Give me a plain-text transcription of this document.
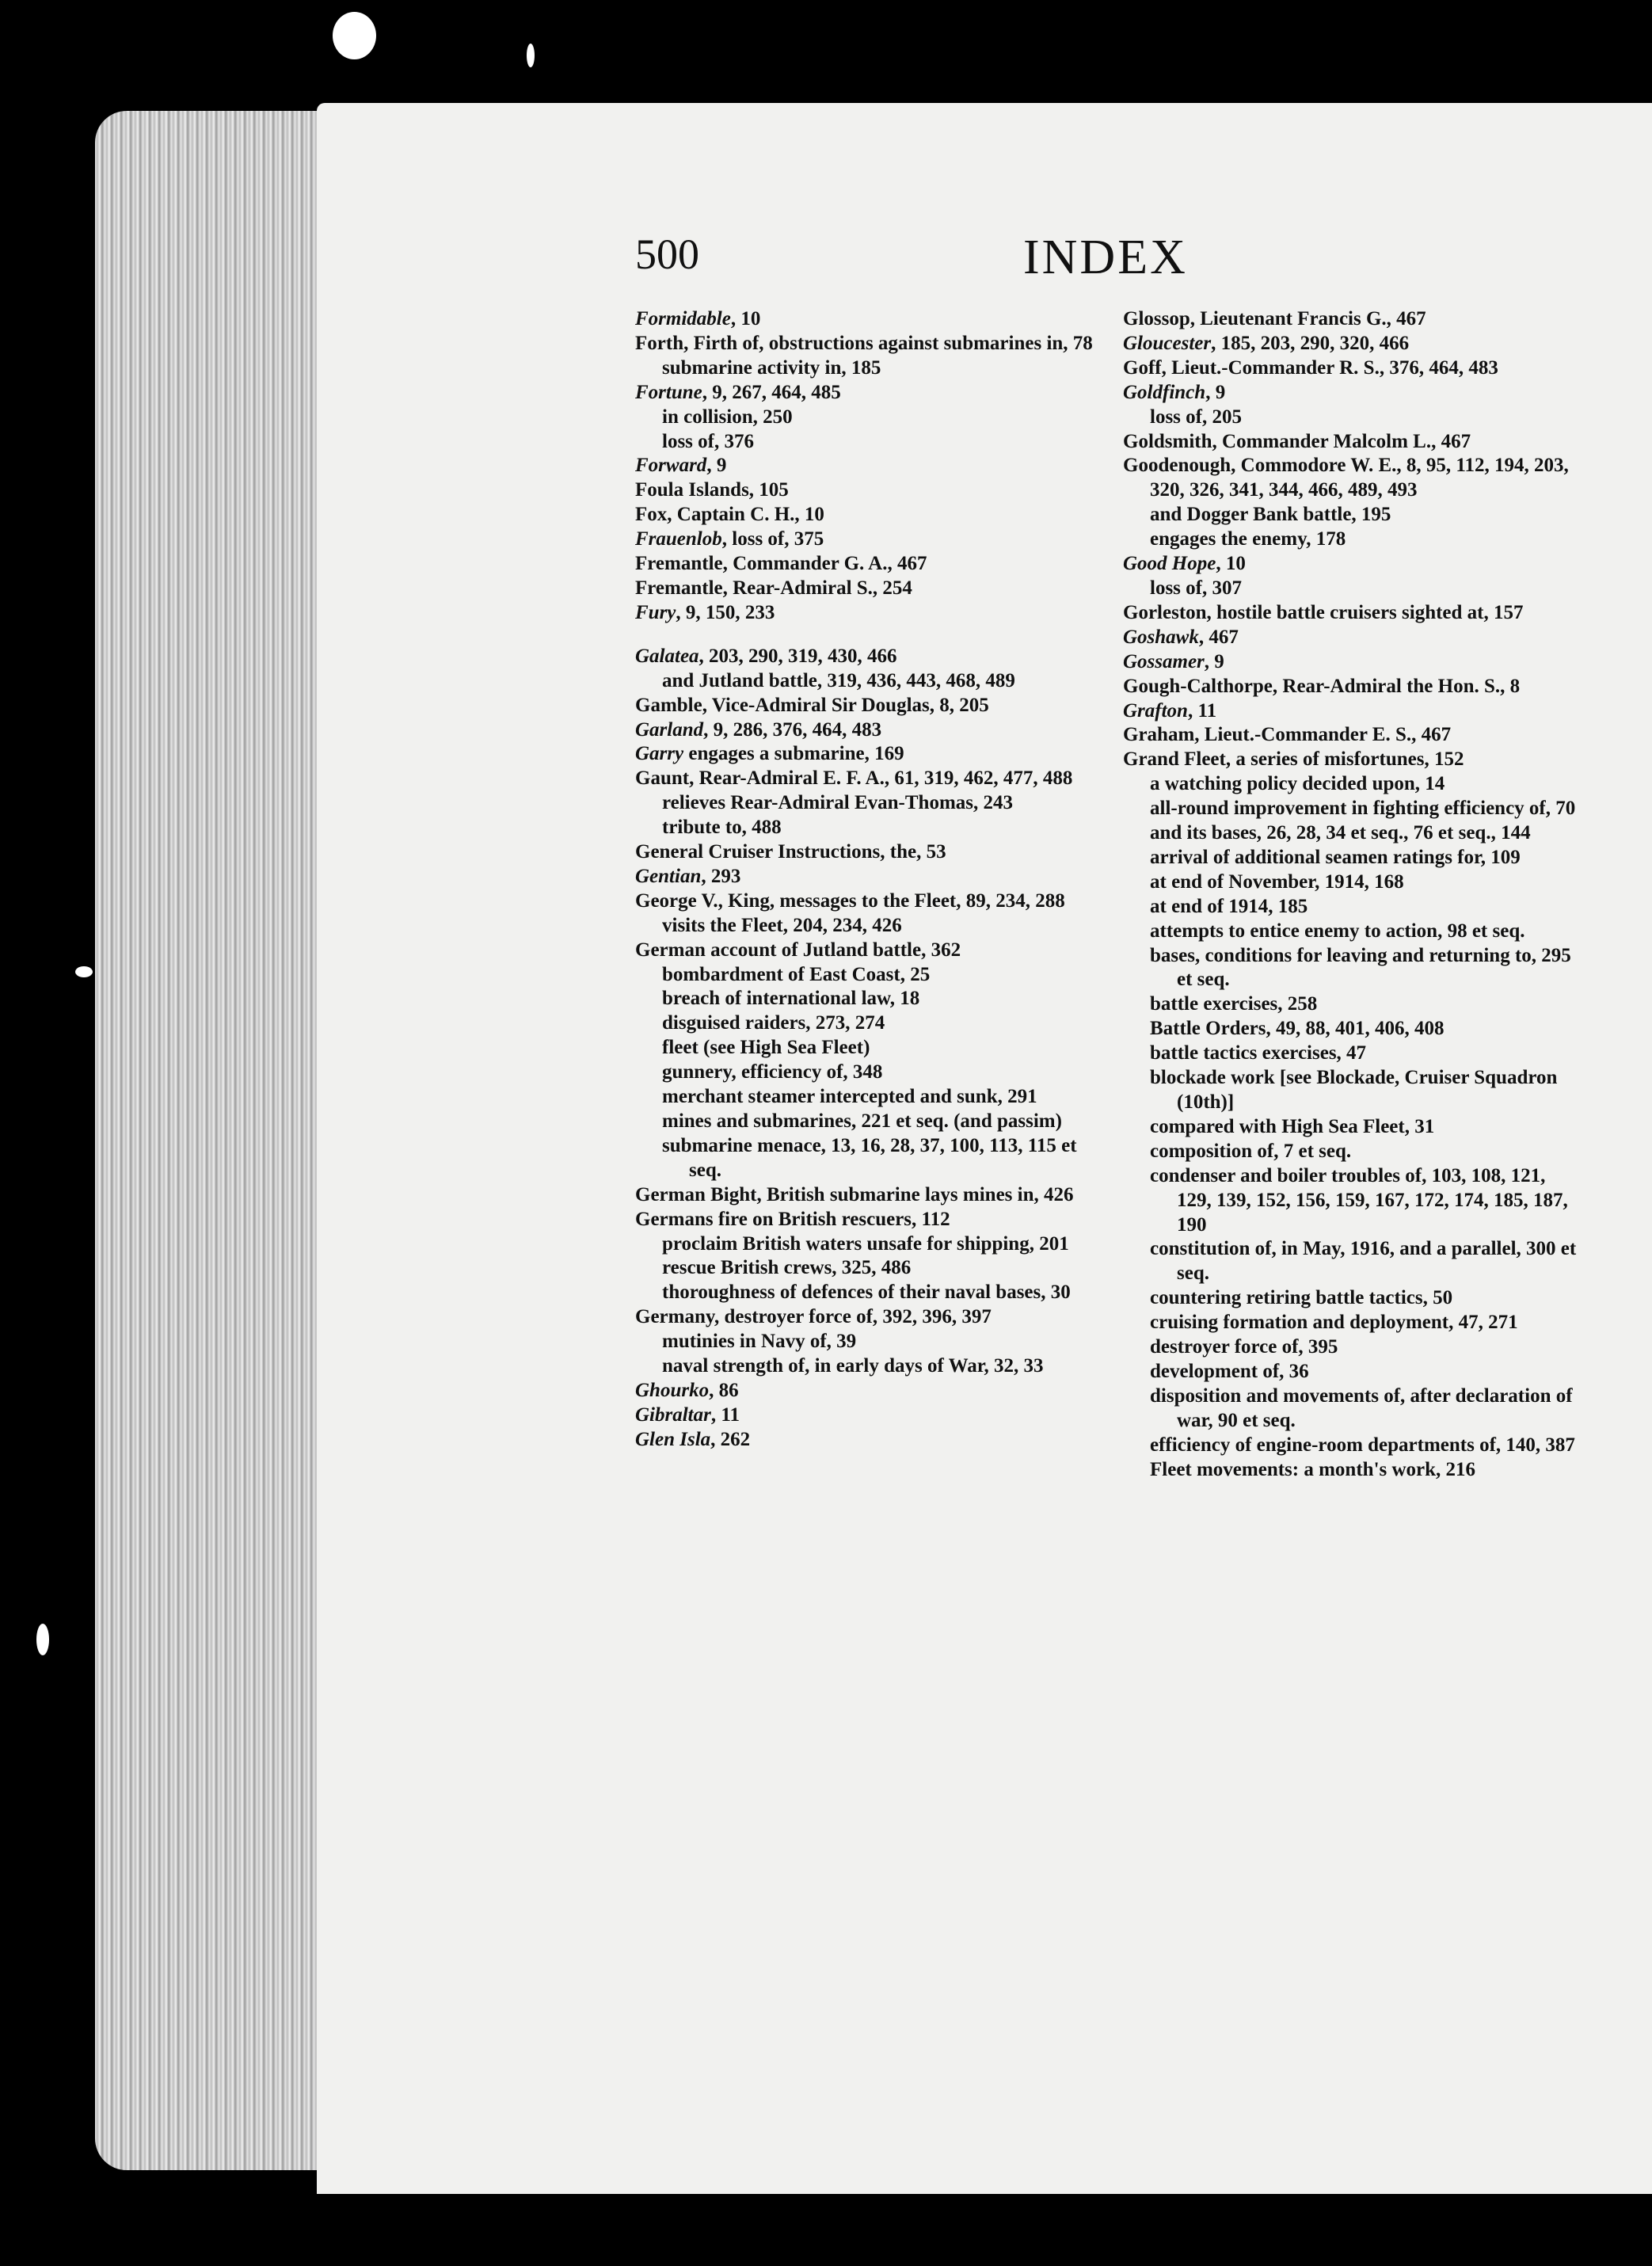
500	INDEX

Formidable, 10

Forth, Firth of, obstructions against submarines in, 78

submarine activity in, 185

Fortune, 9, 267, 464, 485

in collision, 250

loss of, 376

Forward, 9

Foula Islands, 105

Fox, Captain C. H., 10

Frauenlob, loss of, 375

Fremantle, Commander G. A., 467

Fremantle, Rear-Admiral S., 254

Fury, 9, 150, 233

Galatea, 203, 290, 319, 430, 466

and Jutland battle, 319, 436, 443, 468, 489

Gamble, Vice-Admiral Sir Douglas, 8, 205

Garland, 9, 286, 376, 464, 483

Garry engages a submarine, 169

Gaunt, Rear-Admiral E. F. A., 61, 319, 462, 477, 488

relieves Rear-Admiral Evan-Thomas, 243

tribute to, 488

General Cruiser Instructions, the, 53

Gentian, 293

George V., King, messages to the Fleet, 89, 234, 288

visits the Fleet, 204, 234, 426

German account of Jutland battle, 362

bombardment of East Coast, 25

breach of international law, 18

disguised raiders, 273, 274

fleet (see High Sea Fleet)

gunnery, efficiency of, 348

merchant steamer intercepted and sunk, 291

mines and submarines, 221 et seq. (and passim)

submarine menace, 13, 16, 28, 37, 100, 113, 115 et seq.

German Bight, British submarine lays mines in, 426

Germans fire on British rescuers, 112

proclaim British waters unsafe for shipping, 201

rescue British crews, 325, 486

thoroughness of defences of their naval bases, 30

Germany, destroyer force of, 392, 396, 397

mutinies in Navy of, 39

naval strength of, in early days of War, 32, 33

Ghourko, 86

Gibraltar, 11

Glen Isla, 262

Glossop, Lieutenant Francis G., 467

Gloucester, 185, 203, 290, 320, 466

Goff, Lieut.-Commander R. S., 376, 464, 483

Goldfinch, 9

loss of, 205

Goldsmith, Commander Malcolm L., 467

Goodenough, Commodore W. E., 8, 95, 112, 194, 203, 320, 326, 341, 344, 466, 489, 493

and Dogger Bank battle, 195

engages the enemy, 178

Good Hope, 10

loss of, 307

Gorleston, hostile battle cruisers sighted at, 157

Goshawk, 467

Gossamer, 9

Gough-Calthorpe, Rear-Admiral the Hon. S., 8

Grafton, 11

Graham, Lieut.-Commander E. S., 467

Grand Fleet, a series of misfortunes, 152

a watching policy decided upon, 14

all-round improvement in fighting efficiency of, 70

and its bases, 26, 28, 34 et seq., 76 et seq., 144

arrival of additional seamen ratings for, 109

at end of November, 1914, 168

at end of 1914, 185

attempts to entice enemy to action, 98 et seq.

bases, conditions for leaving and returning to, 295 et seq.

battle exercises, 258

Battle Orders, 49, 88, 401, 406, 408

battle tactics exercises, 47

blockade work [see Blockade, Cruiser Squadron (10th)]

compared with High Sea Fleet, 31

composition of, 7 et seq.

condenser and boiler troubles of, 103, 108, 121, 129, 139, 152, 156, 159, 167, 172, 174, 185, 187, 190

constitution of, in May, 1916, and a parallel, 300 et seq.

countering retiring battle tactics, 50

cruising formation and deployment, 47, 271

destroyer force of, 395

development of, 36

disposition and movements of, after declaration of war, 90 et seq.

efficiency of engine-room departments of, 140, 387

Fleet movements: a month's work, 216
